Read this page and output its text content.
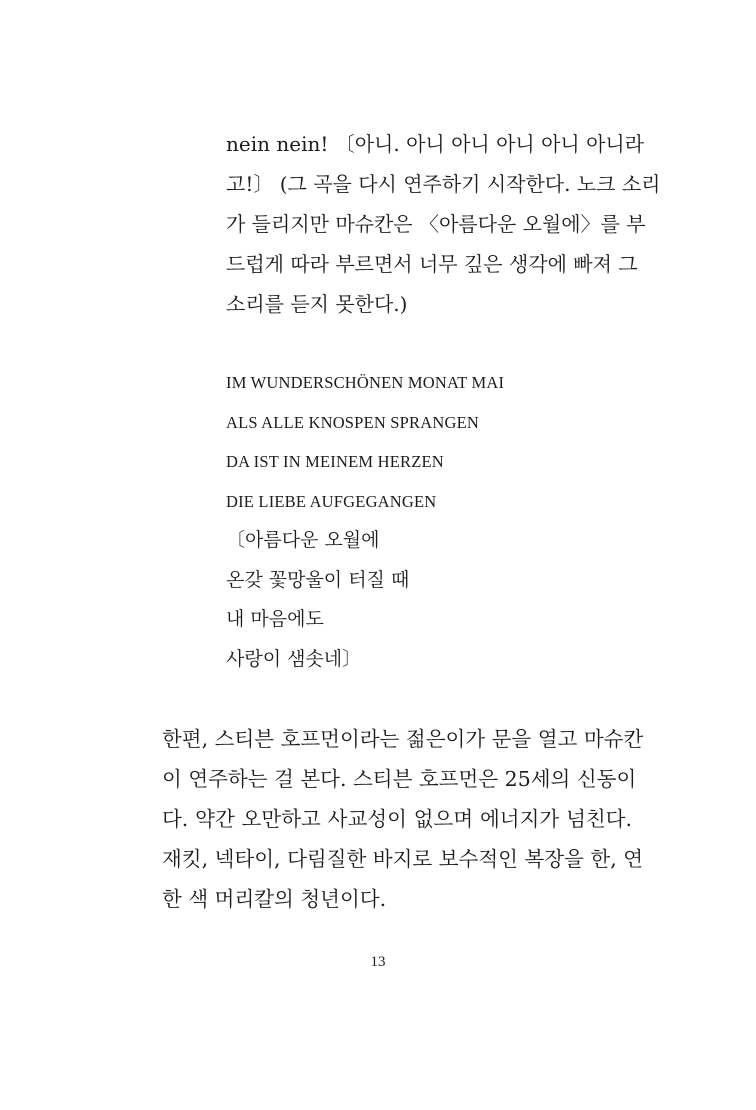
nein nein! 〔아니. 아니 아니 아니 아니 아니라
고!〕 (그 곡을 다시 연주하기 시작한다. 노크 소리
가 들리지만 마슈칸은 〈아름다운 오월에〉를 부
드럽게 따라 부르면서 너무 깊은 생각에 빠져 그
소리를 듣지 못한다.)

IM WUNDERSCHÖNEN MONAT MAI
ALS ALLE KNOSPEN SPRANGEN
DA IST IN MEINEM HERZEN
DIE LIEBE AUFGEGANGEN
〔아름다운 오월에
온갖 꽃망울이 터질 때
내 마음에도
사랑이 샘솟네〕

한편, 스티븐 호프먼이라는 젊은이가 문을 열고 마슈칸
이 연주하는 걸 본다. 스티븐 호프먼은 25세의 신동이
다. 약간 오만하고 사교성이 없으며 에너지가 넘친다.
재킷, 넥타이, 다림질한 바지로 보수적인 복장을 한, 연
한 색 머리칼의 청년이다.

13
